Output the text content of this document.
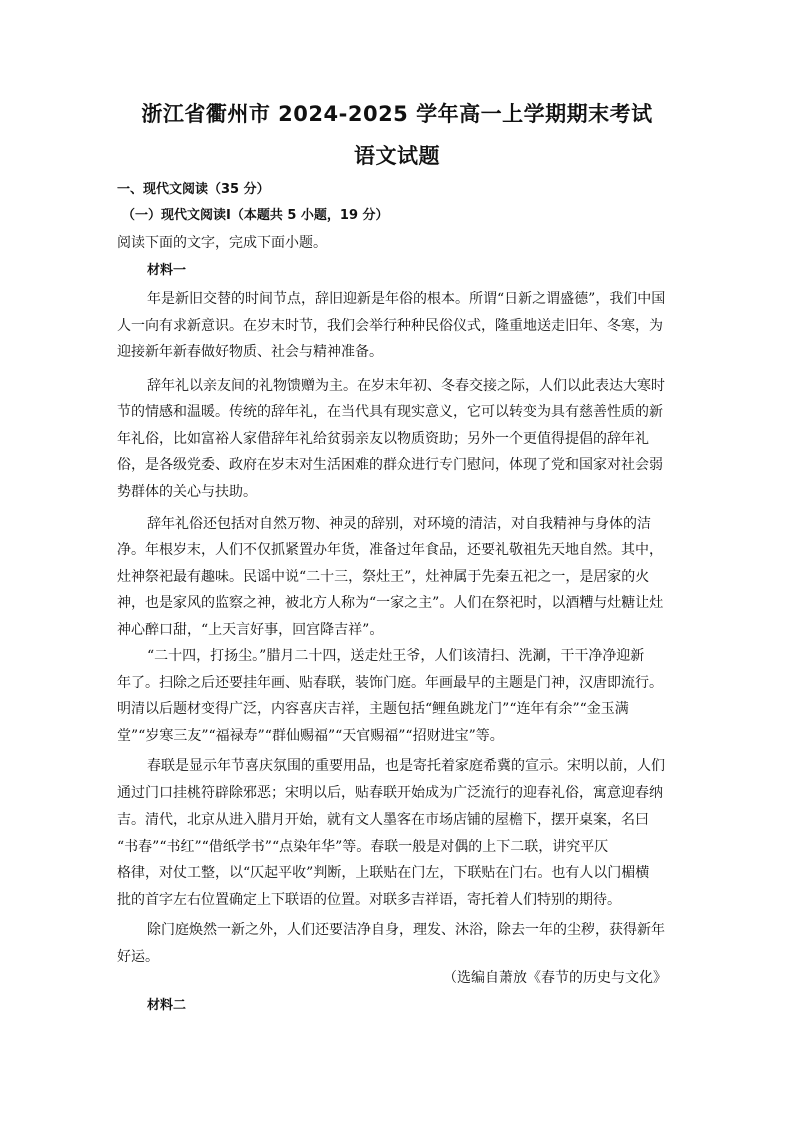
浙江省衢州市 2024-2025 学年高一上学期期末考试
语文试题
一、现代文阅读（35 分）
（一）现代文阅读Ⅰ（本题共 5 小题，19 分）
阅读下面的文字，完成下面小题。
材料一
年是新旧交替的时间节点，辞旧迎新是年俗的根本。所谓“日新之谓盛德”，我们中国
人一向有求新意识。在岁末时节，我们会举行种种民俗仪式，隆重地送走旧年、冬寒，为
迎接新年新春做好物质、社会与精神准备。
辞年礼以亲友间的礼物馈赠为主。在岁末年初、冬春交接之际，人们以此表达大寒时
节的情感和温暖。传统的辞年礼，在当代具有现实意义，它可以转变为具有慈善性质的新
年礼俗，比如富裕人家借辞年礼给贫弱亲友以物质资助；另外一个更值得提倡的辞年礼
俗，是各级党委、政府在岁末对生活困难的群众进行专门慰问，体现了党和国家对社会弱
势群体的关心与扶助。
辞年礼俗还包括对自然万物、神灵的辞别，对环境的清洁，对自我精神与身体的洁
净。年根岁末，人们不仅抓紧置办年货，准备过年食品，还要礼敬祖先天地自然。其中，
灶神祭祀最有趣味。民谣中说“二十三，祭灶王”，灶神属于先秦五祀之一，是居家的火
神，也是家风的监察之神，被北方人称为“一家之主”。人们在祭祀时，以酒糟与灶糖让灶
神心醉口甜，“上天言好事，回宫降吉祥”。
“二十四，打扬尘。”腊月二十四，送走灶王爷，人们该清扫、洗涮，干干净净迎新
年了。扫除之后还要挂年画、贴春联，装饰门庭。年画最早的主题是门神，汉唐即流行。
明清以后题材变得广泛，内容喜庆吉祥，主题包括“鲤鱼跳龙门”“连年有余”“金玉满
堂”“岁寒三友”“福禄寿”“群仙赐福”“天官赐福”“招财进宝”等。
春联是显示年节喜庆氛围的重要用品，也是寄托着家庭希冀的宣示。宋明以前，人们
通过门口挂桃符辟除邪恶；宋明以后，贴春联开始成为广泛流行的迎春礼俗，寓意迎春纳
吉。清代，北京从进入腊月开始，就有文人墨客在市场店铺的屋檐下，摆开桌案，名曰
“书春”“书红”“借纸学书”“点染年华”等。春联一般是对偶的上下二联，讲究平仄
格律，对仗工整，以“仄起平收”判断，上联贴在门左，下联贴在门右。也有人以门楣横
批的首字左右位置确定上下联语的位置。对联多吉祥语，寄托着人们特别的期待。
除门庭焕然一新之外，人们还要洁净自身，理发、沐浴，除去一年的尘秽，获得新年
好运。
（选编自萧放《春节的历史与文化》
材料二
